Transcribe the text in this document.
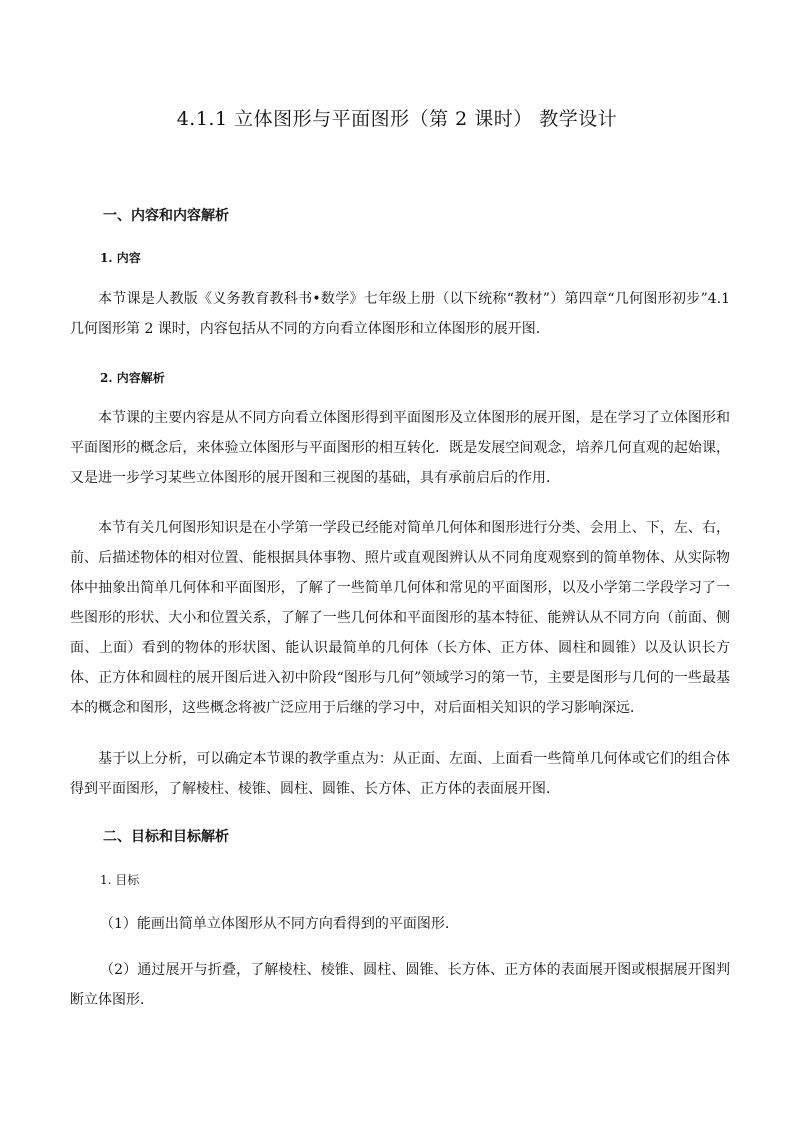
4.1.1 立体图形与平面图形（第 2 课时） 教学设计
一、内容和内容解析
1. 内容
本节课是人教版《义务教育教科书•数学》七年级上册（以下统称“教材”）第四章“几何图形初步”4.1 几何图形第 2 课时，内容包括从不同的方向看立体图形和立体图形的展开图.
2. 内容解析
本节课的主要内容是从不同方向看立体图形得到平面图形及立体图形的展开图，是在学习了立体图形和平面图形的概念后，来体验立体图形与平面图形的相互转化．既是发展空间观念，培养几何直观的起始课，又是进一步学习某些立体图形的展开图和三视图的基础，具有承前启后的作用．
本节有关几何图形知识是在小学第一学段已经能对简单几何体和图形进行分类、会用上、下，左、右，前、后描述物体的相对位置、能根据具体事物、照片或直观图辨认从不同角度观察到的简单物体、从实际物体中抽象出简单几何体和平面图形，了解了一些简单几何体和常见的平面图形，以及小学第二学段学习了一些图形的形状、大小和位置关系，了解了一些几何体和平面图形的基本特征、能辨认从不同方向（前面、侧面、上面）看到的物体的形状图、能认识最简单的几何体（长方体、正方体、圆柱和圆锥）以及认识长方体、正方体和圆柱的展开图后进入初中阶段“图形与几何”领域学习的第一节，主要是图形与几何的一些最基本的概念和图形，这些概念将被广泛应用于后继的学习中，对后面相关知识的学习影响深远．
基于以上分析，可以确定本节课的教学重点为：从正面、左面、上面看一些简单几何体或它们的组合体得到平面图形，了解棱柱、棱锥、圆柱、圆锥、长方体、正方体的表面展开图．
二、目标和目标解析
1. 目标
（1）能画出简单立体图形从不同方向看得到的平面图形.
（2）通过展开与折叠，了解棱柱、棱锥、圆柱、圆锥、长方体、正方体的表面展开图或根据展开图判断立体图形.
